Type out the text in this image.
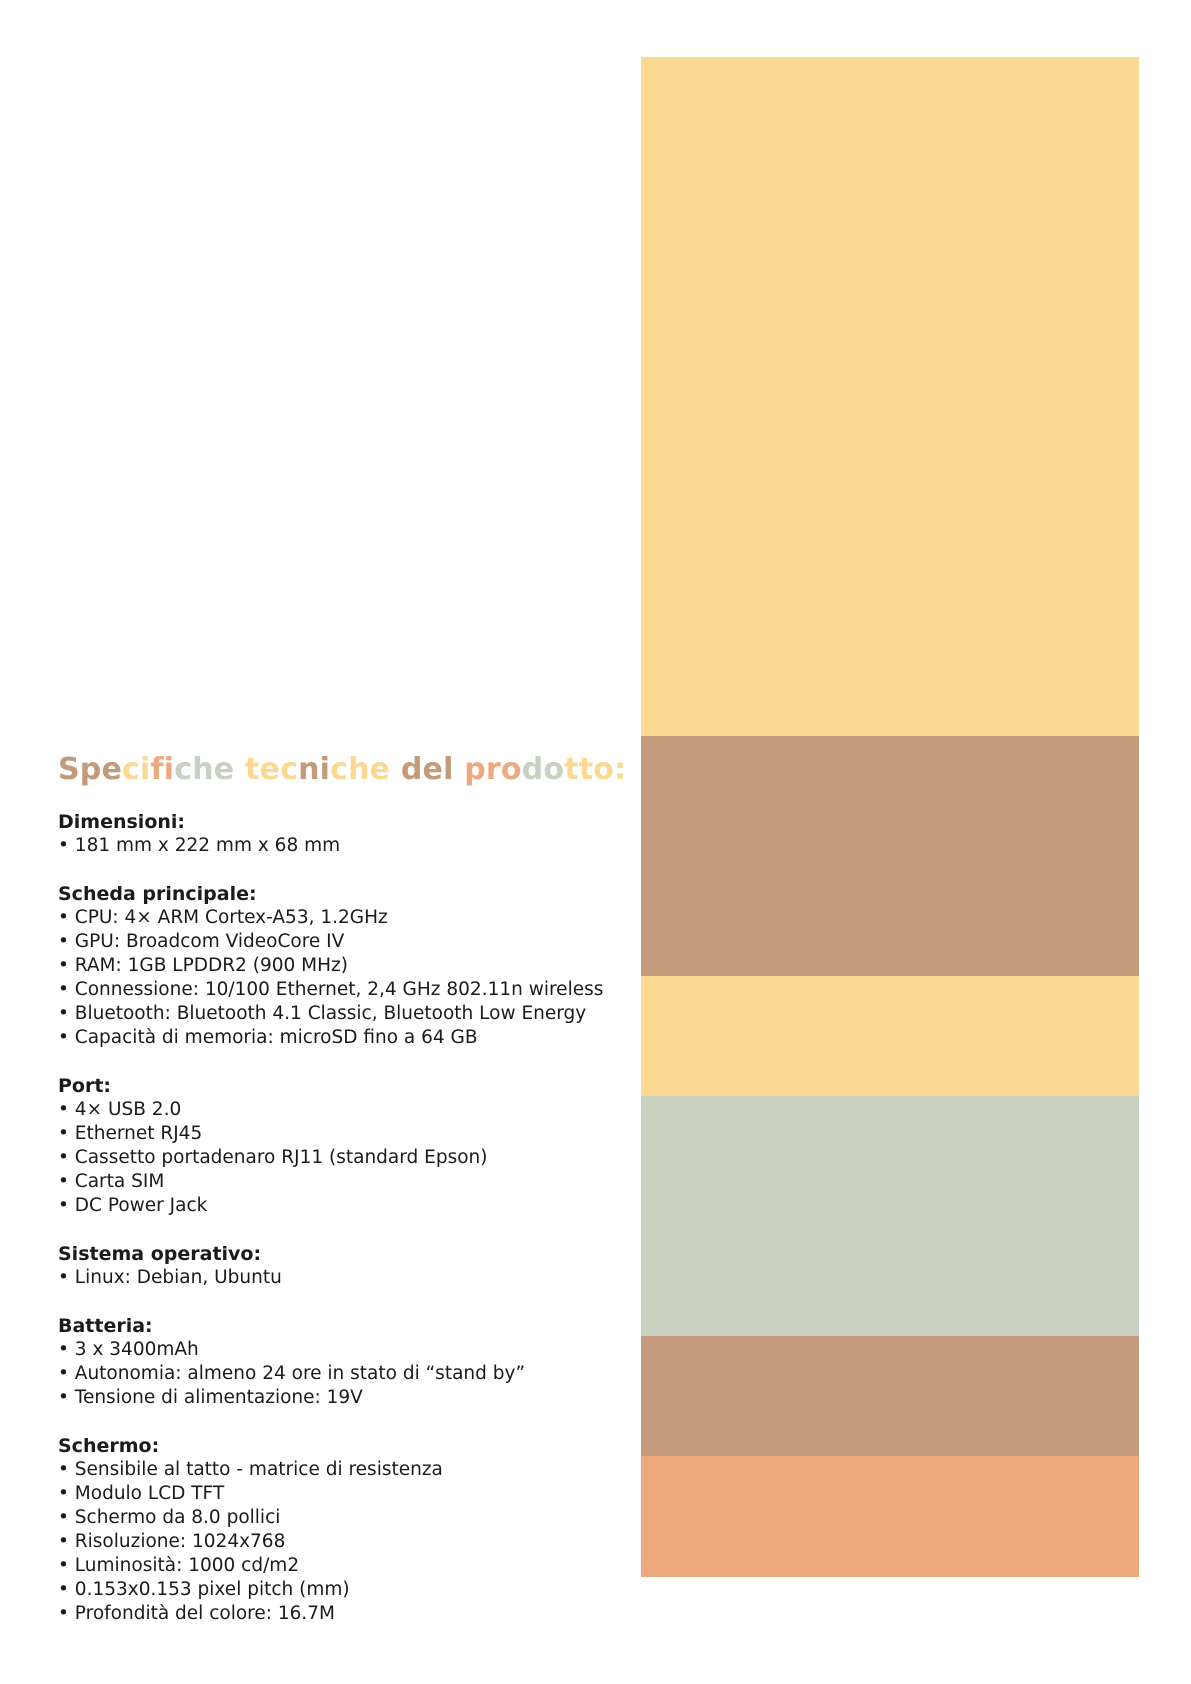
Specifiche tecniche del prodotto:
Dimensioni:
• 181 mm x 222 mm x 68 mm
Scheda principale:
• CPU: 4× ARM Cortex-A53, 1.2GHz
• GPU: Broadcom VideoCore IV
• RAM: 1GB LPDDR2 (900 MHz)
• Connessione: 10/100 Ethernet, 2,4 GHz 802.11n wireless
• Bluetooth: Bluetooth 4.1 Classic, Bluetooth Low Energy
• Capacità di memoria: microSD fino a 64 GB
Port:
• 4× USB 2.0
• Ethernet RJ45
• Cassetto portadenaro RJ11 (standard Epson)
• Carta SIM
• DC Power Jack
Sistema operativo:
• Linux: Debian, Ubuntu
Batteria:
• 3 x 3400mAh
• Autonomia: almeno 24 ore in stato di “stand by”
• Tensione di alimentazione: 19V
Schermo:
• Sensibile al tatto - matrice di resistenza
• Modulo LCD TFT
• Schermo da 8.0 pollici
• Risoluzione: 1024x768
• Luminosità: 1000 cd/m2
• 0.153x0.153 pixel pitch (mm)
• Profondità del colore: 16.7M
